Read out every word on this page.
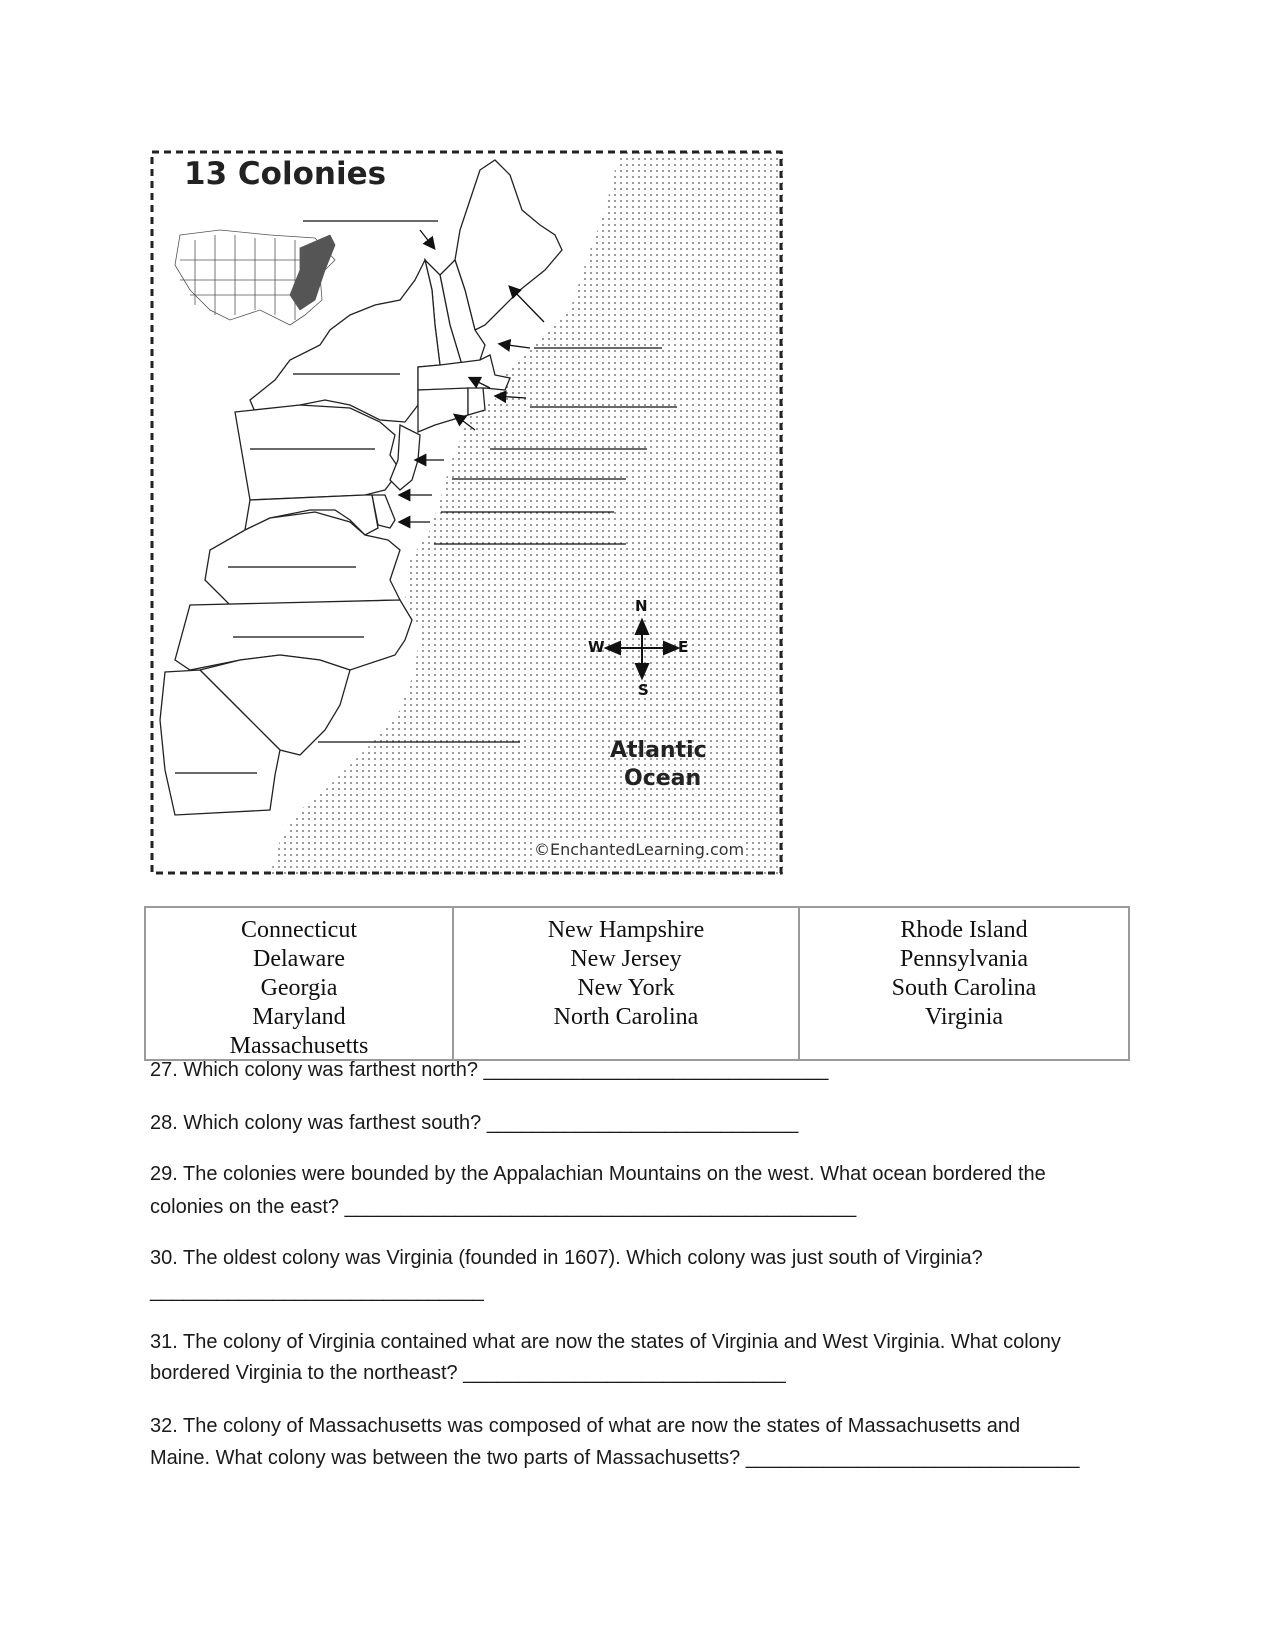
13 Colonies
N
W	E
S
Atlantic
Ocean
©EnchantedLearning.com
Connecticut
Delaware
Georgia
Maryland
Massachusetts
New Hampshire
New Jersey
New York
North Carolina
Rhode Island
Pennsylvania
South Carolina
Virginia
27. Which colony was farthest north? _______________________________
28. Which colony was farthest south? ____________________________
29. The colonies were bounded by the Appalachian Mountains on the west. What ocean bordered the
colonies on the east? ______________________________________________
30. The oldest colony was Virginia (founded in 1607). Which colony was just south of Virginia?
______________________________
31. The colony of Virginia contained what are now the states of Virginia and West Virginia. What colony
bordered Virginia to the northeast? _____________________________
32. The colony of Massachusetts was composed of what are now the states of Massachusetts and
Maine. What colony was between the two parts of Massachusetts? ______________________________
